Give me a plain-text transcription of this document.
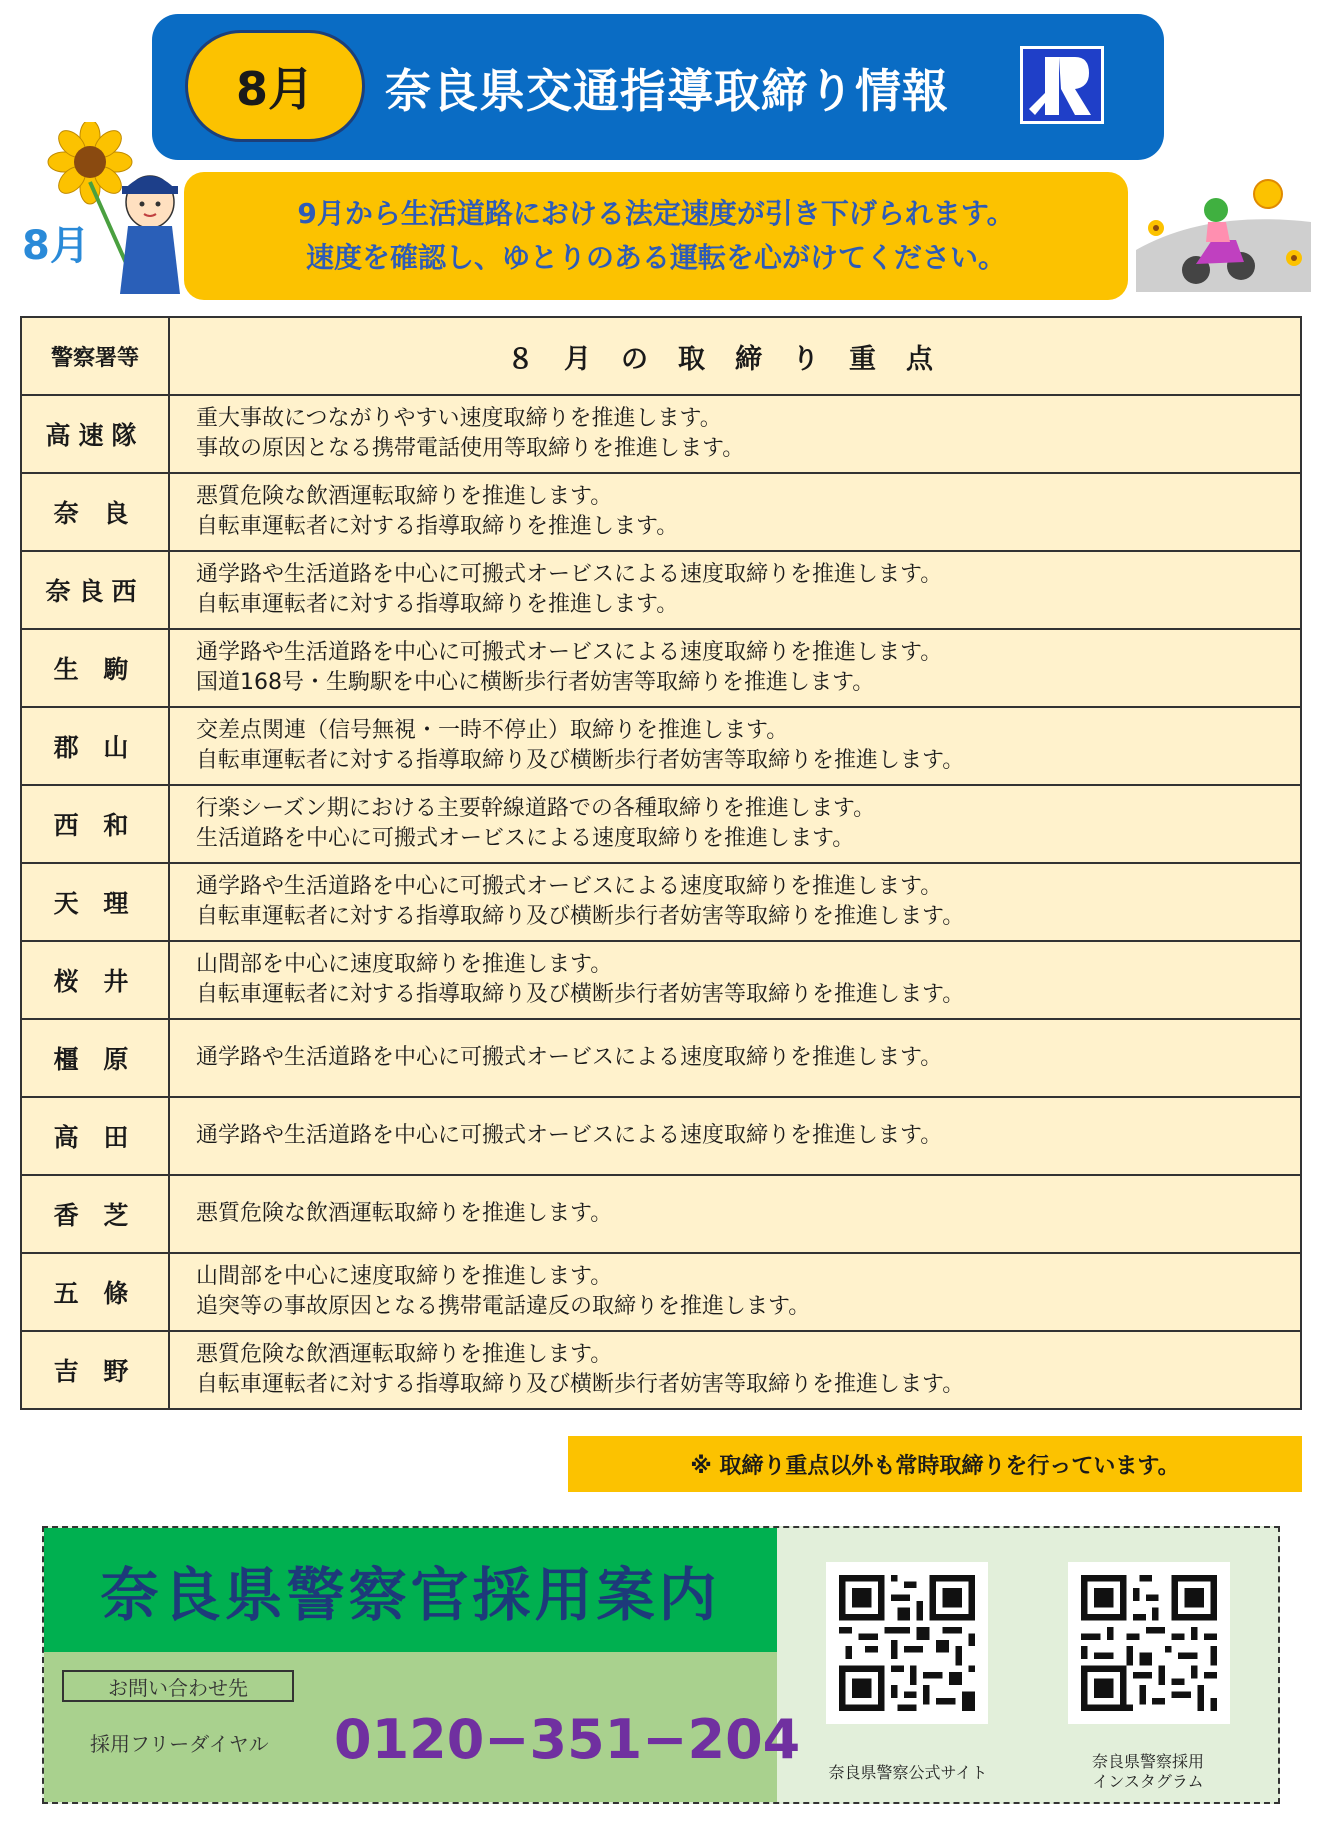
8月	奈良県交通指導取締り情報
8月
9月から生活道路における法定速度が引き下げられます。
速度を確認し、ゆとりのある運転を心がけてください。
警察署等	８月の取締り重点
高速隊	重大事故につながりやすい速度取締りを推進します。
事故の原因となる携帯電話使用等取締りを推進します。

奈 良	悪質危険な飲酒運転取締りを推進します。
自転車運転者に対する指導取締りを推進します。

奈良西	通学路や生活道路を中心に可搬式オービスによる速度取締りを推進します。
自転車運転者に対する指導取締りを推進します。

生 駒	通学路や生活道路を中心に可搬式オービスによる速度取締りを推進します。
国道168号・生駒駅を中心に横断歩行者妨害等取締りを推進します。

郡 山	交差点関連（信号無視・一時不停止）取締りを推進します。
自転車運転者に対する指導取締り及び横断歩行者妨害等取締りを推進します。

西 和	行楽シーズン期における主要幹線道路での各種取締りを推進します。
生活道路を中心に可搬式オービスによる速度取締りを推進します。

天 理	通学路や生活道路を中心に可搬式オービスによる速度取締りを推進します。
自転車運転者に対する指導取締り及び横断歩行者妨害等取締りを推進します。

桜 井	山間部を中心に速度取締りを推進します。
自転車運転者に対する指導取締り及び横断歩行者妨害等取締りを推進します。

橿 原	通学路や生活道路を中心に可搬式オービスによる速度取締りを推進します。

高 田	通学路や生活道路を中心に可搬式オービスによる速度取締りを推進します。

香 芝	悪質危険な飲酒運転取締りを推進します。

五 條	山間部を中心に速度取締りを推進します。
追突等の事故原因となる携帯電話違反の取締りを推進します。

吉 野	悪質危険な飲酒運転取締りを推進します。
自転車運転者に対する指導取締り及び横断歩行者妨害等取締りを推進します。
※ 取締り重点以外も常時取締りを行っています。
奈良県警察官採用案内
お問い合わせ先
採用フリーダイヤル 0120−351−204
奈良県警察公式サイト
奈良県警察採用
インスタグラム
